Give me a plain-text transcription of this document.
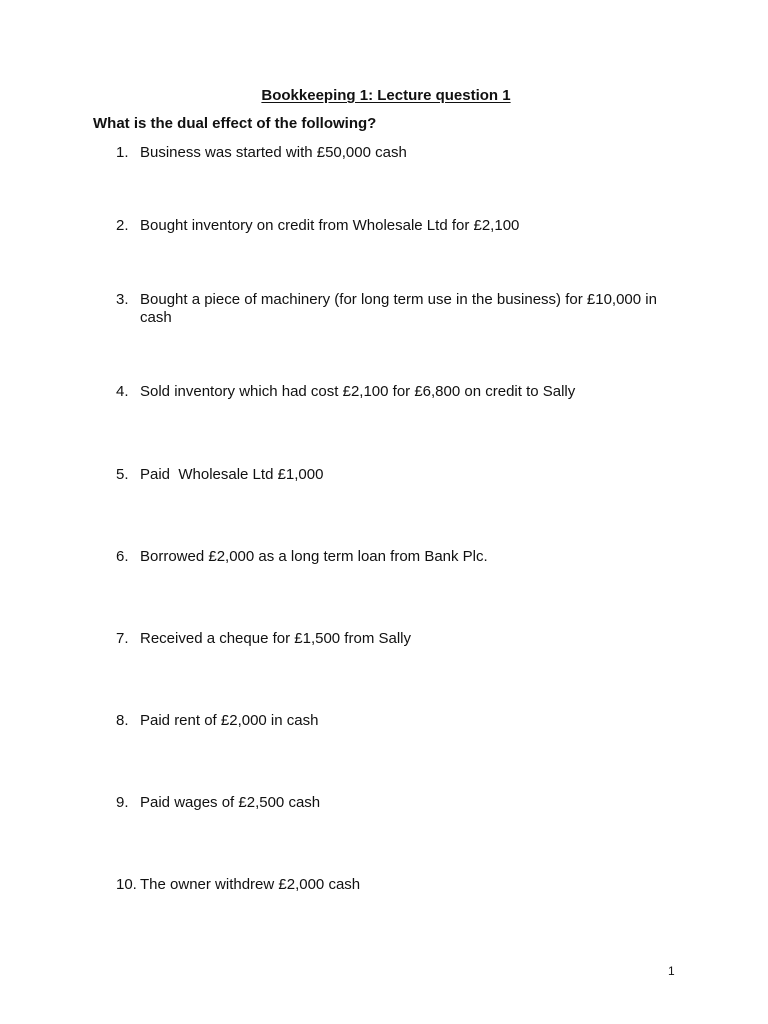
Bookkeeping 1: Lecture question 1
What is the dual effect of the following?
1. Business was started with £50,000 cash
2. Bought inventory on credit from Wholesale Ltd for £2,100
3. Bought a piece of machinery (for long term use in the business) for £10,000 in cash
4. Sold inventory which had cost £2,100 for £6,800 on credit to Sally
5. Paid  Wholesale Ltd £1,000
6. Borrowed £2,000 as a long term loan from Bank Plc.
7. Received a cheque for £1,500 from Sally
8. Paid rent of £2,000 in cash
9. Paid wages of £2,500 cash
10. The owner withdrew £2,000 cash
1
